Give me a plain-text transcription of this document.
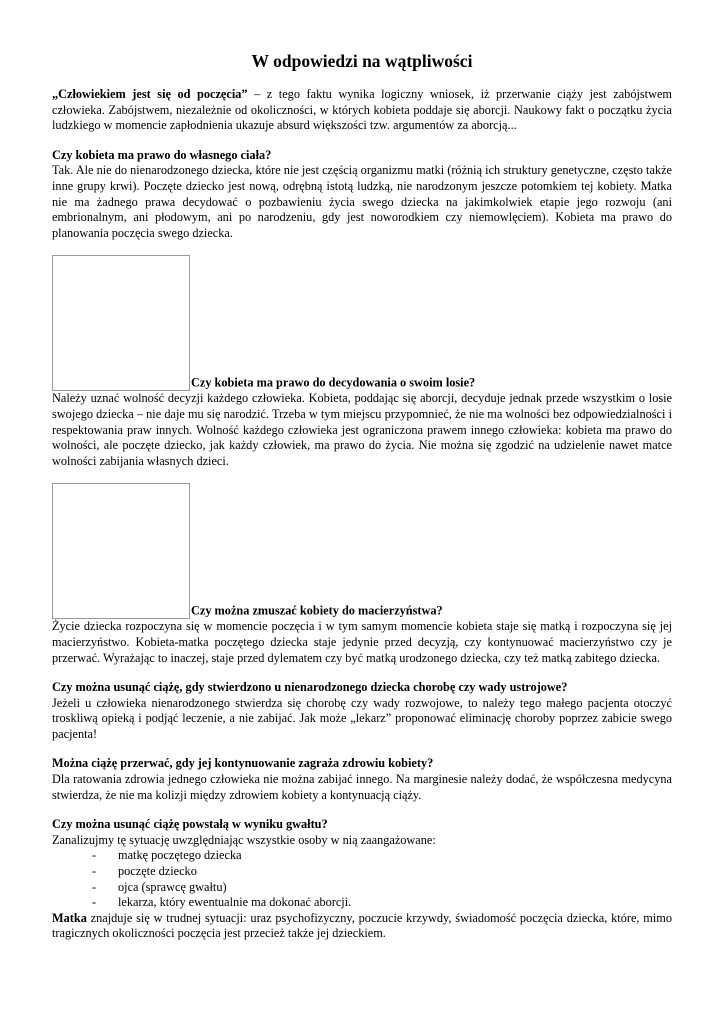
W odpowiedzi na wątpliwości

„Człowiekiem jest się od poczęcia” – z tego faktu wynika logiczny wniosek, iż przerwanie ciąży jest zabójstwem człowieka. Zabójstwem, niezależnie od okoliczności, w których kobieta poddaje się aborcji. Naukowy fakt o początku życia ludzkiego w momencie zapłodnienia ukazuje absurd większości tzw. argumentów za aborcją...

Czy kobieta ma prawo do własnego ciała?

Tak. Ale nie do nienarodzonego dziecka, które nie jest częścią organizmu matki (różnią ich struktury genetyczne, często także inne grupy krwi). Poczęte dziecko jest nową, odrębną istotą ludzką, nie narodzonym jeszcze potomkiem tej kobiety. Matka nie ma żadnego prawa decydować o pozbawieniu życia swego dziecka na jakimkolwiek etapie jego rozwoju (ani embrionalnym, ani płodowym, ani po narodzeniu, gdy jest noworodkiem czy niemowlęciem). Kobieta ma prawo do planowania poczęcia swego dziecka.

Czy kobieta ma prawo do decydowania o swoim losie?

Należy uznać wolność decyzji każdego człowieka. Kobieta, poddając się aborcji, decyduje jednak przede wszystkim o losie swojego dziecka – nie daje mu się narodzić. Trzeba w tym miejscu przypomnieć, że nie ma wolności bez odpowiedzialności i respektowania praw innych. Wolność każdego człowieka jest ograniczona prawem innego człowieka: kobieta ma prawo do wolności, ale poczęte dziecko, jak każdy człowiek, ma prawo do życia. Nie można się zgodzić na udzielenie nawet matce wolności zabijania własnych dzieci.

Czy można zmuszać kobiety do macierzyństwa?

Życie dziecka rozpoczyna się w momencie poczęcia i w tym samym momencie kobieta staje się matką i rozpoczyna się jej macierzyństwo. Kobieta-matka poczętego dziecka staje jedynie przed decyzją, czy kontynuować macierzyństwo czy je przerwać. Wyrażając to inaczej, staje przed dylematem czy być matką urodzonego dziecka, czy też matką zabitego dziecka.

Czy można usunąć ciążę, gdy stwierdzono u nienarodzonego dziecka chorobę czy wady ustrojowe?

Jeżeli u człowieka nienarodzonego stwierdza się chorobę czy wady rozwojowe, to należy tego małego pacjenta otoczyć troskliwą opieką i podjąć leczenie, a nie zabijać. Jak może „lekarz” proponować eliminację choroby poprzez zabicie swego pacjenta!

Można ciążę przerwać, gdy jej kontynuowanie zagraża zdrowiu kobiety?

Dla ratowania zdrowia jednego człowieka nie można zabijać innego. Na marginesie należy dodać, że współczesna medycyna stwierdza, że nie ma kolizji między zdrowiem kobiety a kontynuacją ciąży.

Czy można usunąć ciążę powstałą w wyniku gwałtu?

Zanalizujmy tę sytuację uwzględniając wszystkie osoby w nią zaangażowane:

- matkę poczętego dziecka
- poczęte dziecko
- ojca (sprawcę gwałtu)
- lekarza, który ewentualnie ma dokonać aborcji.

Matka znajduje się w trudnej sytuacji: uraz psychofizyczny, poczucie krzywdy, świadomość poczęcia dziecka, które, mimo tragicznych okoliczności poczęcia jest przecież także jej dzieckiem.
